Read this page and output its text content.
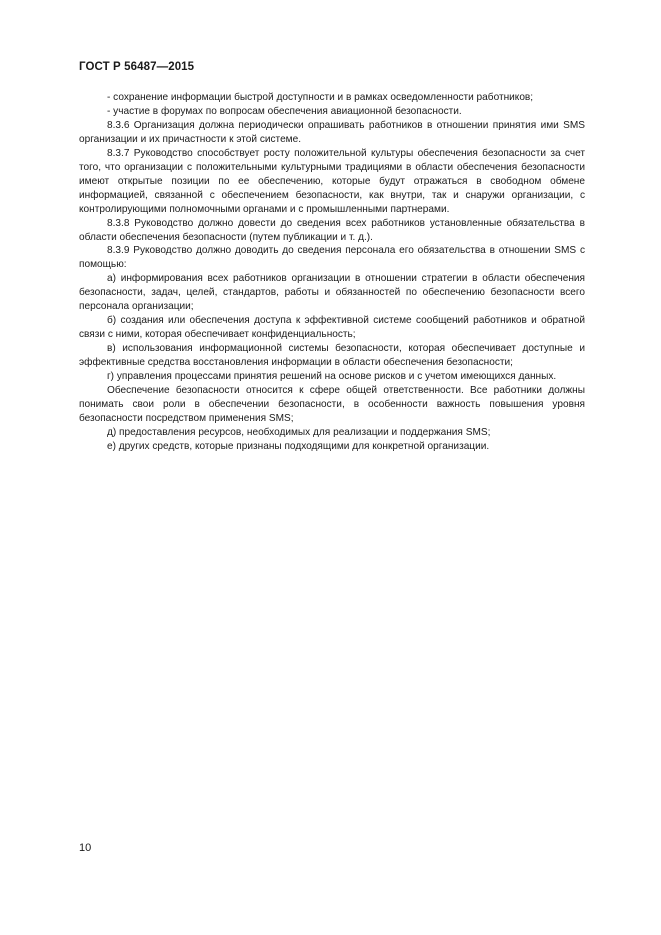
ГОСТ Р 56487—2015

- сохранение информации быстрой доступности и в рамках осведомленности работников;

- участие в форумах по вопросам обеспечения авиационной безопасности.

8.3.6 Организация должна периодически опрашивать работников в отношении принятия ими SMS организации и их причастности к этой системе.

8.3.7 Руководство способствует росту положительной культуры обеспечения безопасности за счет того, что организации с положительными культурными традициями в области обеспечения безопасности имеют открытые позиции по ее обеспечению, которые будут отражаться в свободном обмене информацией, связанной с обеспечением безопасности, как внутри, так и снаружи организации, с контролирующими полномочными органами и с промышленными партнерами.

8.3.8 Руководство должно довести до сведения всех работников установленные обязательства в области обеспечения безопасности (путем публикации и т. д.).

8.3.9 Руководство должно доводить до сведения персонала его обязательства в отношении SMS с помощью:

а) информирования всех работников организации в отношении стратегии в области обеспечения безопасности, задач, целей, стандартов, работы и обязанностей по обеспечению безопасности всего персонала организации;

б) создания или обеспечения доступа к эффективной системе сообщений работников и обратной связи с ними, которая обеспечивает конфиденциальность;

в) использования информационной системы безопасности, которая обеспечивает доступные и эффективные средства восстановления информации в области обеспечения безопасности;

г) управления процессами принятия решений на основе рисков и с учетом имеющихся данных.

Обеспечение безопасности относится к сфере общей ответственности. Все работники должны понимать свои роли в обеспечении безопасности, в особенности важность повышения уровня безопасности посредством применения SMS;

д) предоставления ресурсов, необходимых для реализации и поддержания SMS;

е) других средств, которые признаны подходящими для конкретной организации.

10
